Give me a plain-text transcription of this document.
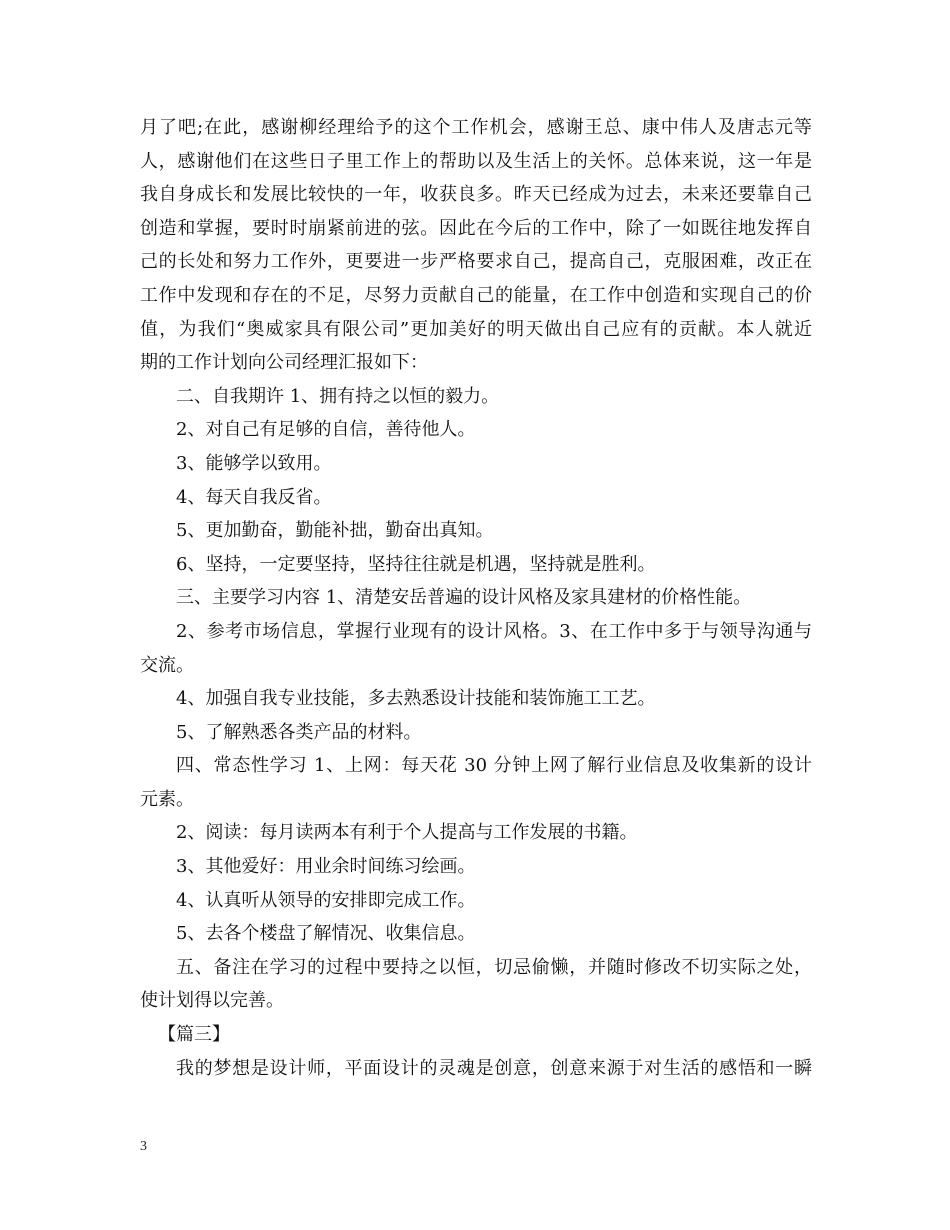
月了吧;在此，感谢柳经理给予的这个工作机会，感谢王总、康中伟人及唐志元等
人，感谢他们在这些日子里工作上的帮助以及生活上的关怀。总体来说，这一年是
我自身成长和发展比较快的一年，收获良多。昨天已经成为过去，未来还要靠自己
创造和掌握，要时时崩紧前进的弦。因此在今后的工作中，除了一如既往地发挥自
己的长处和努力工作外，更要进一步严格要求自己，提高自己，克服困难，改正在
工作中发现和存在的不足，尽努力贡献自己的能量，在工作中创造和实现自己的价
值，为我们“奥威家具有限公司”更加美好的明天做出自己应有的贡献。本人就近
期的工作计划向公司经理汇报如下：
二、自我期许 1、拥有持之以恒的毅力。
2、对自己有足够的自信，善待他人。
3、能够学以致用。
4、每天自我反省。
5、更加勤奋，勤能补拙，勤奋出真知。
6、坚持，一定要坚持，坚持往往就是机遇，坚持就是胜利。
三、主要学习内容 1、清楚安岳普遍的设计风格及家具建材的价格性能。
2、参考市场信息，掌握行业现有的设计风格。3、在工作中多于与领导沟通与
交流。
4、加强自我专业技能，多去熟悉设计技能和装饰施工工艺。
5、了解熟悉各类产品的材料。
四、常态性学习 1、上网：每天花 30 分钟上网了解行业信息及收集新的设计
元素。
2、阅读：每月读两本有利于个人提高与工作发展的书籍。
3、其他爱好：用业余时间练习绘画。
4、认真听从领导的安排即完成工作。
5、去各个楼盘了解情况、收集信息。
五、备注在学习的过程中要持之以恒，切忌偷懒，并随时修改不切实际之处，
使计划得以完善。
【篇三】
我的梦想是设计师，平面设计的灵魂是创意，创意来源于对生活的感悟和一瞬
3
